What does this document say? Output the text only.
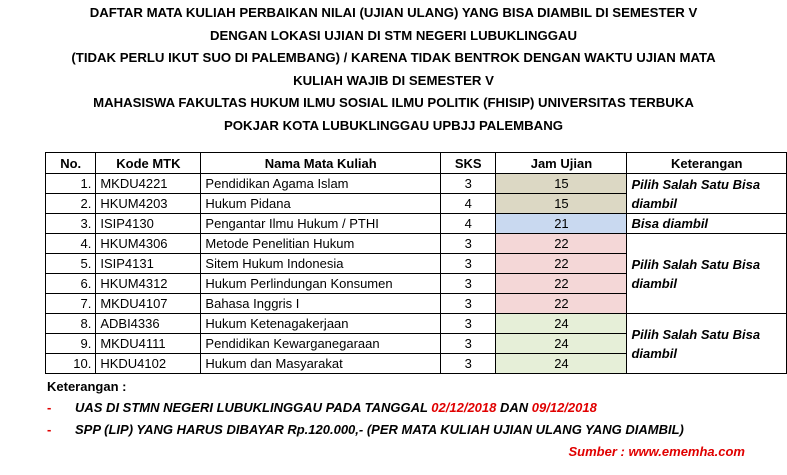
DAFTAR MATA KULIAH PERBAIKAN NILAI (UJIAN ULANG) YANG BISA DIAMBIL DI SEMESTER V
DENGAN LOKASI UJIAN DI STM NEGERI LUBUKLINGGAU
(TIDAK PERLU IKUT SUO DI PALEMBANG) / KARENA TIDAK BENTROK DENGAN WAKTU UJIAN MATA
KULIAH WAJIB DI SEMESTER V
MAHASISWA FAKULTAS HUKUM ILMU SOSIAL ILMU POLITIK (FHISIP) UNIVERSITAS TERBUKA
POKJAR KOTA LUBUKLINGGAU UPBJJ PALEMBANG
No.	Kode MTK	Nama Mata Kuliah	SKS	Jam Ujian	Keterangan
1.	MKDU4221	Pendidikan Agama Islam	3	15	Pilih Salah Satu Bisa diambil
2.	HKUM4203	Hukum Pidana	4	15	
3.	ISIP4130	Pengantar Ilmu Hukum / PTHI	4	21	Bisa diambil
4.	HKUM4306	Metode Penelitian Hukum	3	22	Pilih Salah Satu Bisa diambil
5.	ISIP4131	Sitem Hukum Indonesia	3	22	
6.	HKUM4312	Hukum Perlindungan Konsumen	3	22	
7.	MKDU4107	Bahasa Inggris I	3	22	
8.	ADBI4336	Hukum Ketenagakerjaan	3	24	Pilih Salah Satu Bisa diambil
9.	MKDU4111	Pendidikan Kewarganegaraan	3	24	
10.	HKDU4102	Hukum dan Masyarakat	3	24	
Keterangan :
- UAS DI STMN NEGERI LUBUKLINGGAU PADA TANGGAL 02/12/2018 DAN 09/12/2018
- SPP (LIP) YANG HARUS DIBAYAR Rp.120.000,- (PER MATA KULIAH UJIAN ULANG YANG DIAMBIL)
Sumber : www.ememha.com
